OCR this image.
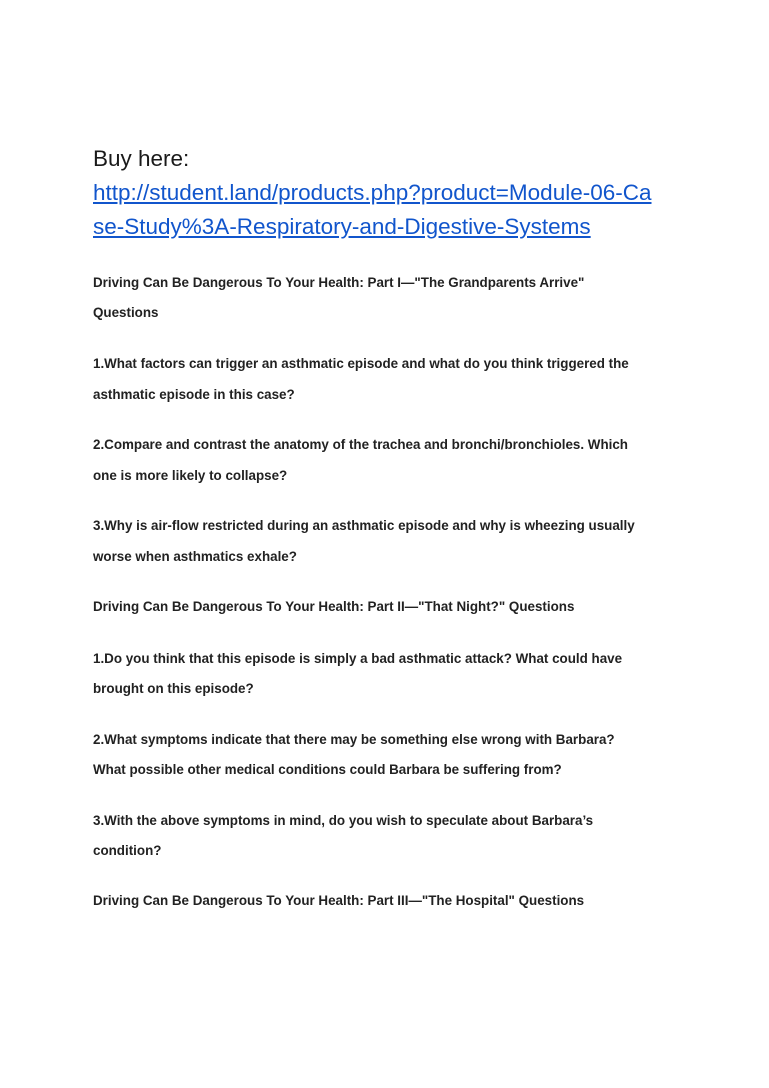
Buy here:

http://student.land/products.php?product=Module-06-Ca
se-Study%3A-Respiratory-and-Digestive-Systems

Driving Can Be Dangerous To Your Health: Part I—"The Grandparents Arrive"

Questions

1.What factors can trigger an asthmatic episode and what do you think triggered the

asthmatic episode in this case?

2.Compare and contrast the anatomy of the trachea and bronchi/bronchioles. Which

one is more likely to collapse?

3.Why is air-flow restricted during an asthmatic episode and why is wheezing usually

worse when asthmatics exhale?

Driving Can Be Dangerous To Your Health: Part II—"That Night?" Questions

1.Do you think that this episode is simply a bad asthmatic attack? What could have

brought on this episode?

2.What symptoms indicate that there may be something else wrong with Barbara?

What possible other medical conditions could Barbara be suffering from?

3.With the above symptoms in mind, do you wish to speculate about Barbara’s

condition?

Driving Can Be Dangerous To Your Health: Part III—"The Hospital" Questions
